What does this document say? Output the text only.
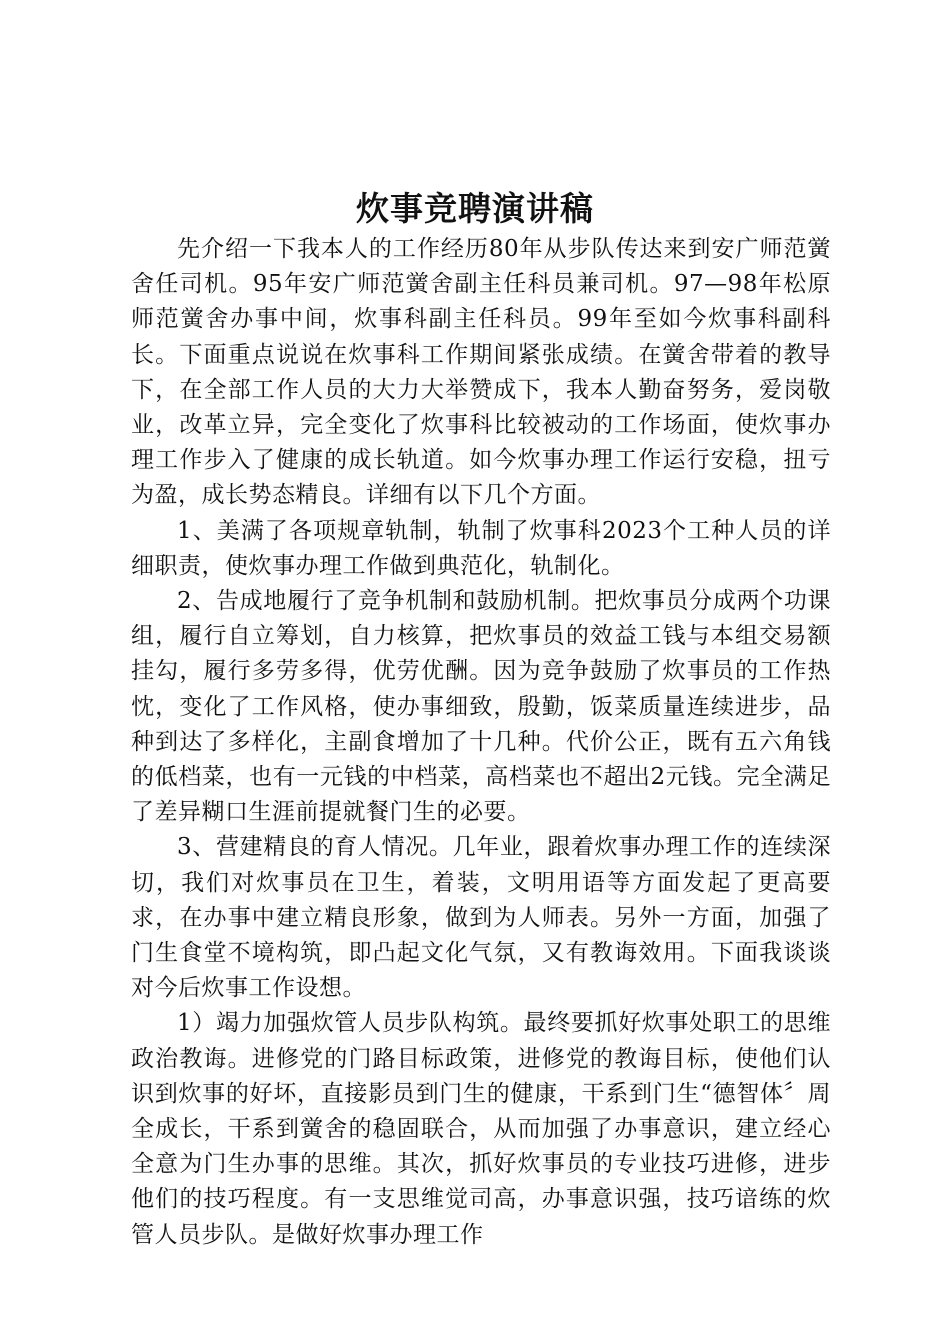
炊事竞聘演讲稿

先介绍一下我本人的工作经历80年从步队传达来到安广师范黉舍任司机。95年安广师范黉舍副主任科员兼司机。97—98年松原师范黉舍办事中间，炊事科副主任科员。99年至如今炊事科副科长。下面重点说说在炊事科工作期间紧张成绩。在黉舍带着的教导下，在全部工作人员的大力大举赞成下，我本人勤奋努务，爱岗敬业，改革立异，完全变化了炊事科比较被动的工作场面，使炊事办理工作步入了健康的成长轨道。如今炊事办理工作运行安稳，扭亏为盈，成长势态精良。详细有以下几个方面。

1、美满了各项规章轨制，轨制了炊事科2023个工种人员的详细职责，使炊事办理工作做到典范化，轨制化。

2、告成地履行了竞争机制和鼓励机制。把炊事员分成两个功课组，履行自立筹划，自力核算，把炊事员的效益工钱与本组交易额挂勾，履行多劳多得，优劳优酬。因为竞争鼓励了炊事员的工作热忱，变化了工作风格，使办事细致，殷勤，饭菜质量连续进步，品种到达了多样化，主副食增加了十几种。代价公正，既有五六角钱的低档菜，也有一元钱的中档菜，高档菜也不超出2元钱。完全满足了差异糊口生涯前提就餐门生的必要。

3、营建精良的育人情况。几年业，跟着炊事办理工作的连续深切，我们对炊事员在卫生，着装，文明用语等方面发起了更高要求，在办事中建立精良形象，做到为人师表。另外一方面，加强了门生食堂不境构筑，即凸起文化气氛，又有教诲效用。下面我谈谈对今后炊事工作设想。

1）竭力加强炊管人员步队构筑。最终要抓好炊事处职工的思维政治教诲。进修党的门路目标政策，进修党的教诲目标，使他们认识到炊事的好坏，直接影员到门生的健康，干系到门生“德智体〞周全成长，干系到黉舍的稳固联合，从而加强了办事意识，建立经心全意为门生办事的思维。其次，抓好炊事员的专业技巧进修，进步他们的技巧程度。有一支思维觉司高，办事意识强，技巧谙练的炊管人员步队。是做好炊事办理工作
